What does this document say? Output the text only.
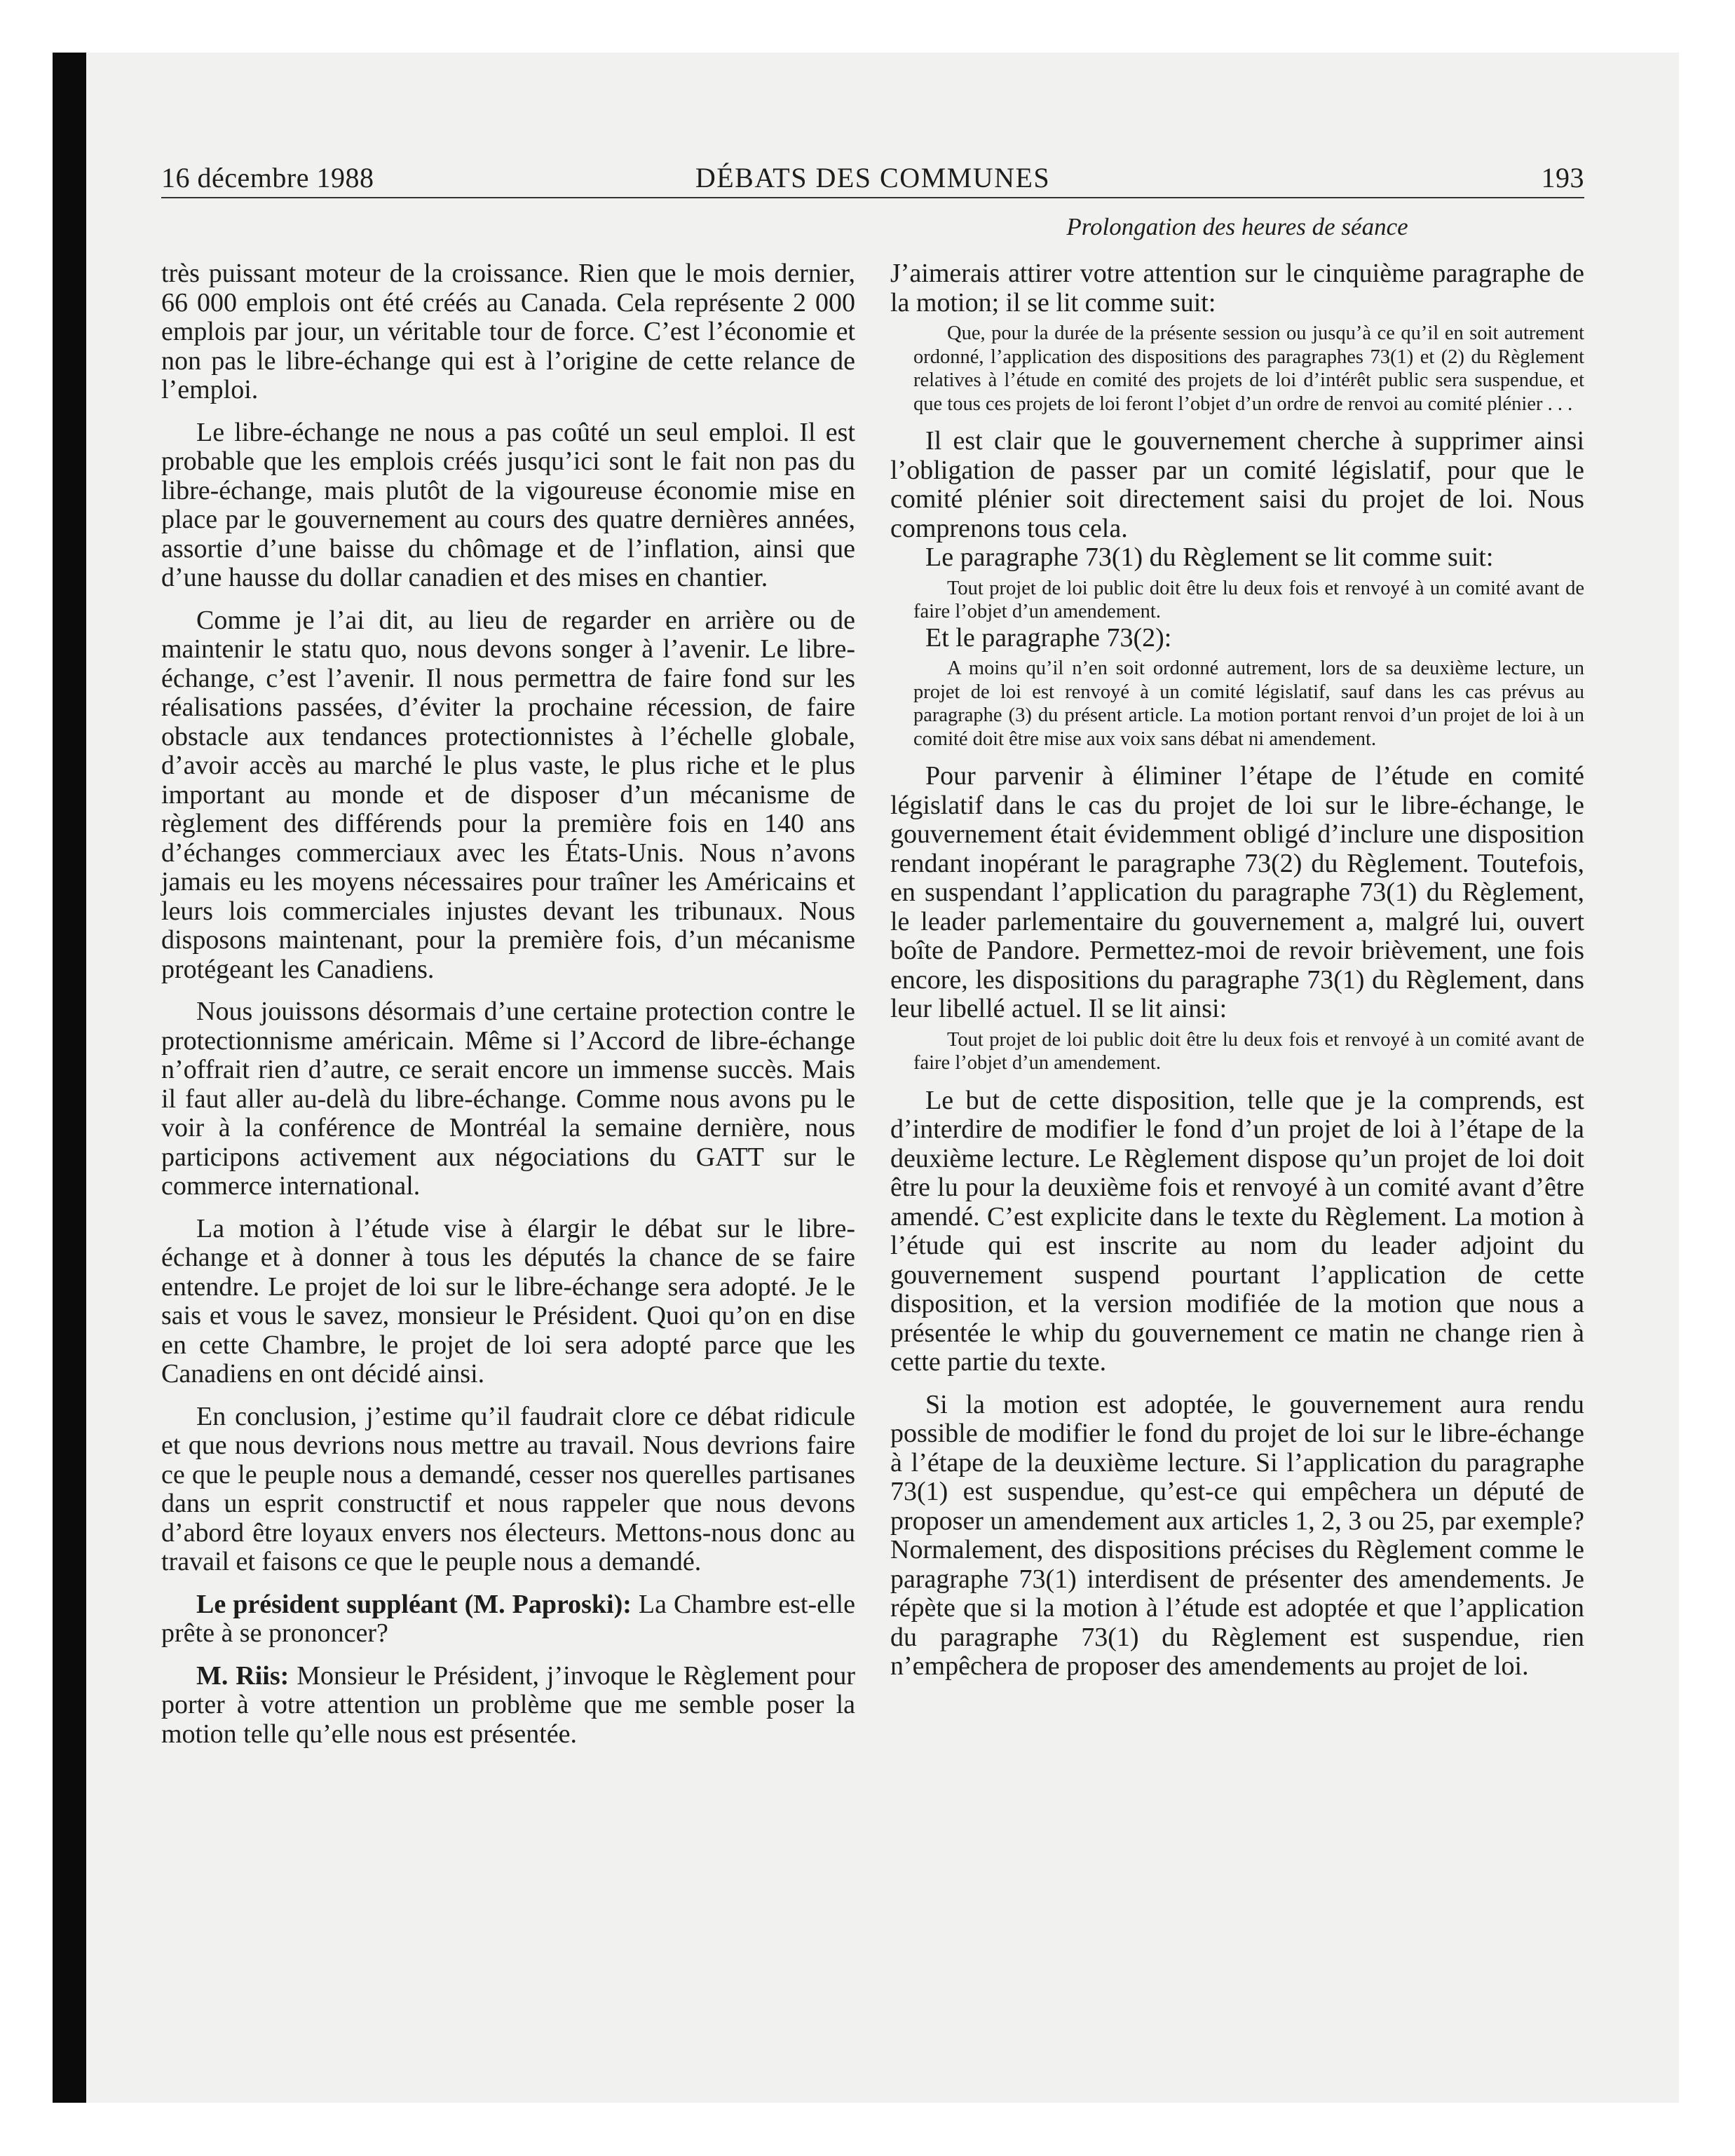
16 décembre 1988	DÉBATS DES COMMUNES	193
Prolongation des heures de séance

très puissant moteur de la croissance. Rien que le mois dernier, 66 000 emplois ont été créés au Canada. Cela représente 2 000 emplois par jour, un véritable tour de force. C’est l’économie et non pas le libre-échange qui est à l’origine de cette relance de l’emploi.

Le libre-échange ne nous a pas coûté un seul emploi. Il est probable que les emplois créés jusqu’ici sont le fait non pas du libre-échange, mais plutôt de la vigoureuse économie mise en place par le gouvernement au cours des quatre dernières années, assortie d’une baisse du chômage et de l’inflation, ainsi que d’une hausse du dollar canadien et des mises en chantier.

Comme je l’ai dit, au lieu de regarder en arrière ou de maintenir le statu quo, nous devons songer à l’avenir. Le libre-échange, c’est l’avenir. Il nous permettra de faire fond sur les réalisations passées, d’éviter la prochaine récession, de faire obstacle aux tendances protectionnistes à l’échelle globale, d’avoir accès au marché le plus vaste, le plus riche et le plus important au monde et de disposer d’un mécanisme de règlement des différends pour la première fois en 140 ans d’échanges commerciaux avec les États-Unis. Nous n’avons jamais eu les moyens nécessaires pour traîner les Américains et leurs lois commerciales injustes devant les tribunaux. Nous disposons maintenant, pour la première fois, d’un mécanisme protégeant les Canadiens.

Nous jouissons désormais d’une certaine protection contre le protectionnisme américain. Même si l’Accord de libre-échange n’offrait rien d’autre, ce serait encore un immense succès. Mais il faut aller au-delà du libre-échange. Comme nous avons pu le voir à la conférence de Montréal la semaine dernière, nous participons activement aux négociations du GATT sur le commerce international.

La motion à l’étude vise à élargir le débat sur le libre-échange et à donner à tous les députés la chance de se faire entendre. Le projet de loi sur le libre-échange sera adopté. Je le sais et vous le savez, monsieur le Président. Quoi qu’on en dise en cette Chambre, le projet de loi sera adopté parce que les Canadiens en ont décidé ainsi.

En conclusion, j’estime qu’il faudrait clore ce débat ridicule et que nous devrions nous mettre au travail. Nous devrions faire ce que le peuple nous a demandé, cesser nos querelles partisanes dans un esprit constructif et nous rappeler que nous devons d’abord être loyaux envers nos électeurs. Mettons-nous donc au travail et faisons ce que le peuple nous a demandé.

Le président suppléant (M. Paproski): La Chambre est-elle prête à se prononcer?

M. Riis: Monsieur le Président, j’invoque le Règlement pour porter à votre attention un problème que me semble poser la motion telle qu’elle nous est présentée.

J’aimerais attirer votre attention sur le cinquième paragraphe de la motion; il se lit comme suit:

Que, pour la durée de la présente session ou jusqu’à ce qu’il en soit autrement ordonné, l’application des dispositions des paragraphes 73(1) et (2) du Règlement relatives à l’étude en comité des projets de loi d’intérêt public sera suspendue, et que tous ces projets de loi feront l’objet d’un ordre de renvoi au comité plénier . . .

Il est clair que le gouvernement cherche à supprimer ainsi l’obligation de passer par un comité législatif, pour que le comité plénier soit directement saisi du projet de loi. Nous comprenons tous cela.

Le paragraphe 73(1) du Règlement se lit comme suit:

Tout projet de loi public doit être lu deux fois et renvoyé à un comité avant de faire l’objet d’un amendement.

Et le paragraphe 73(2):

A moins qu’il n’en soit ordonné autrement, lors de sa deuxième lecture, un projet de loi est renvoyé à un comité législatif, sauf dans les cas prévus au paragraphe (3) du présent article. La motion portant renvoi d’un projet de loi à un comité doit être mise aux voix sans débat ni amendement.

Pour parvenir à éliminer l’étape de l’étude en comité législatif dans le cas du projet de loi sur le libre-échange, le gouvernement était évidemment obligé d’inclure une disposition rendant inopérant le paragraphe 73(2) du Règlement. Toutefois, en suspendant l’application du paragraphe 73(1) du Règlement, le leader parlementaire du gouvernement a, malgré lui, ouvert boîte de Pandore. Permettez-moi de revoir brièvement, une fois encore, les dispositions du paragraphe 73(1) du Règlement, dans leur libellé actuel. Il se lit ainsi:

Tout projet de loi public doit être lu deux fois et renvoyé à un comité avant de faire l’objet d’un amendement.

Le but de cette disposition, telle que je la comprends, est d’interdire de modifier le fond d’un projet de loi à l’étape de la deuxième lecture. Le Règlement dispose qu’un projet de loi doit être lu pour la deuxième fois et renvoyé à un comité avant d’être amendé. C’est explicite dans le texte du Règlement. La motion à l’étude qui est inscrite au nom du leader adjoint du gouvernement suspend pourtant l’application de cette disposition, et la version modifiée de la motion que nous a présentée le whip du gouvernement ce matin ne change rien à cette partie du texte.

Si la motion est adoptée, le gouvernement aura rendu possible de modifier le fond du projet de loi sur le libre-échange à l’étape de la deuxième lecture. Si l’application du paragraphe 73(1) est suspendue, qu’est-ce qui empêchera un député de proposer un amendement aux articles 1, 2, 3 ou 25, par exemple? Normalement, des dispositions précises du Règlement comme le paragraphe 73(1) interdisent de présenter des amendements. Je répète que si la motion à l’étude est adoptée et que l’application du paragraphe 73(1) du Règlement est suspendue, rien n’empêchera de proposer des amendements au projet de loi.
